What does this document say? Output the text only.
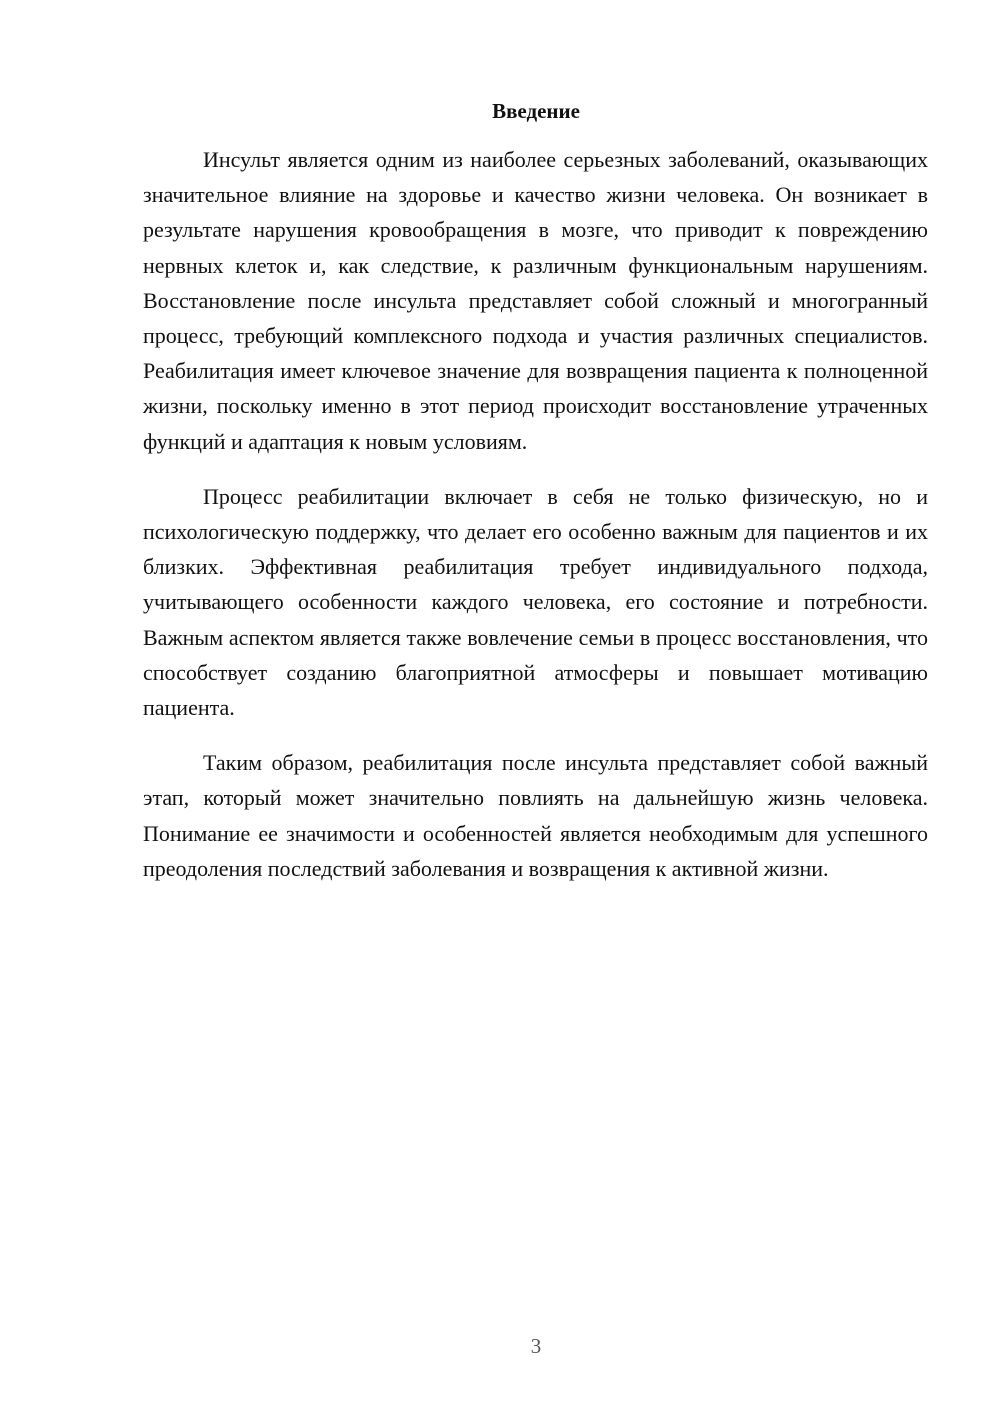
Введение

Инсульт является одним из наиболее серьезных заболеваний, оказывающих значительное влияние на здоровье и качество жизни человека. Он возникает в результате нарушения кровообращения в мозге, что приводит к повреждению нервных клеток и, как следствие, к различным функциональным нарушениям. Восстановление после инсульта представляет собой сложный и многогранный процесс, требующий комплексного подхода и участия различных специалистов. Реабилитация имеет ключевое значение для возвращения пациента к полноценной жизни, поскольку именно в этот период происходит восстановление утраченных функций и адаптация к новым условиям.

Процесс реабилитации включает в себя не только физическую, но и психологическую поддержку, что делает его особенно важным для пациентов и их близких. Эффективная реабилитация требует индивидуального подхода, учитывающего особенности каждого человека, его состояние и потребности. Важным аспектом является также вовлечение семьи в процесс восстановления, что способствует созданию благоприятной атмосферы и повышает мотивацию пациента.

Таким образом, реабилитация после инсульта представляет собой важный этап, который может значительно повлиять на дальнейшую жизнь человека. Понимание ее значимости и особенностей является необходимым для успешного преодоления последствий заболевания и возвращения к активной жизни.

3
